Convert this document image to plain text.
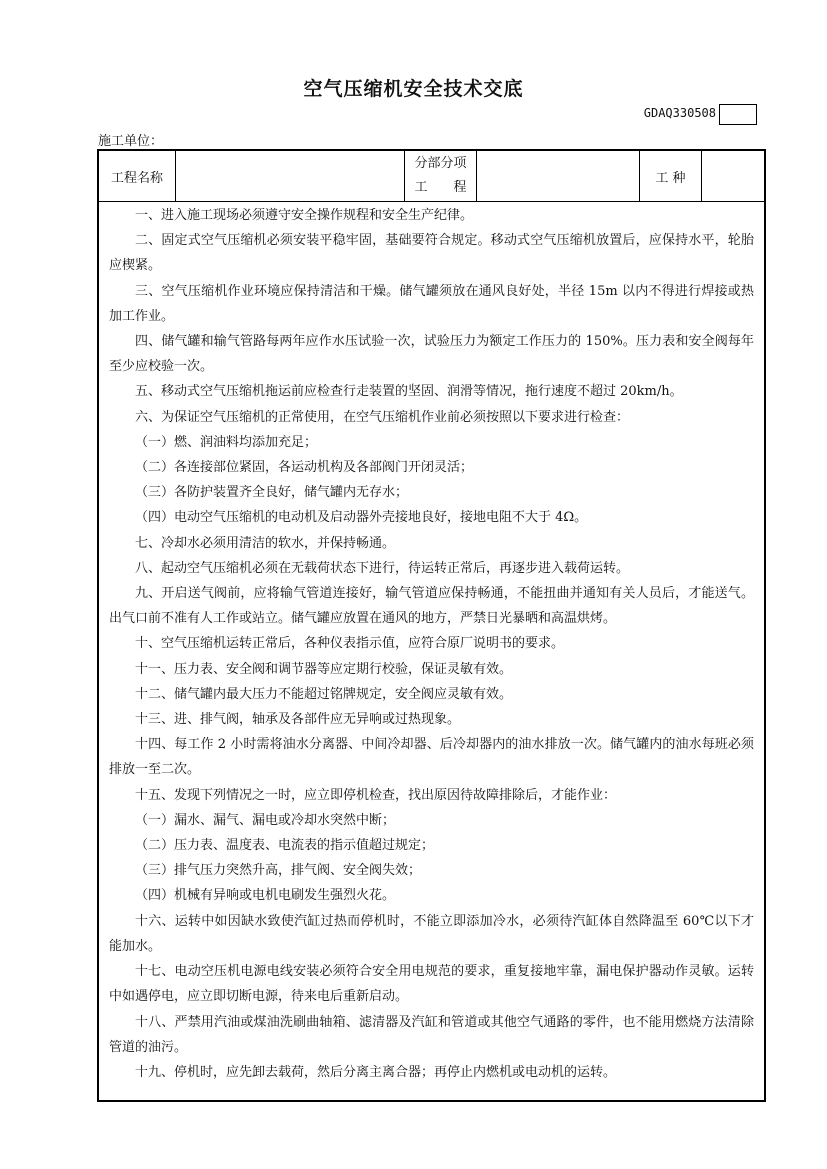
空气压缩机安全技术交底
GDAQ330508
施工单位：
工程名称
分部分项
工　　程
工 种

一、进入施工现场必须遵守安全操作规程和安全生产纪律。

二、固定式空气压缩机必须安装平稳牢固，基础要符合规定。移动式空气压缩机放置后，应保持水平，轮胎应楔紧。

三、空气压缩机作业环境应保持清洁和干燥。储气罐须放在通风良好处，半径 15m 以内不得进行焊接或热加工作业。

四、储气罐和输气管路每两年应作水压试验一次，试验压力为额定工作压力的 150%。压力表和安全阀每年至少应校验一次。

五、移动式空气压缩机拖运前应检查行走装置的坚固、润滑等情况，拖行速度不超过 20km/h。

六、为保证空气压缩机的正常使用，在空气压缩机作业前必须按照以下要求进行检查：

（一）燃、润油料均添加充足；

（二）各连接部位紧固，各运动机构及各部阀门开闭灵活；

（三）各防护装置齐全良好，储气罐内无存水；

（四）电动空气压缩机的电动机及启动器外壳接地良好，接地电阻不大于 4Ω。

七、冷却水必须用清洁的软水，并保持畅通。

八、起动空气压缩机必须在无载荷状态下进行，待运转正常后，再逐步进入载荷运转。

九、开启送气阀前，应将输气管道连接好，输气管道应保持畅通，不能扭曲并通知有关人员后，才能送气。出气口前不准有人工作或站立。储气罐应放置在通风的地方，严禁日光暴晒和高温烘烤。

十、空气压缩机运转正常后，各种仪表指示值，应符合原厂说明书的要求。

十一、压力表、安全阀和调节器等应定期行校验，保证灵敏有效。

十二、储气罐内最大压力不能超过铭牌规定，安全阀应灵敏有效。

十三、进、排气阀，轴承及各部件应无异响或过热现象。

十四、每工作 2 小时需将油水分离器、中间冷却器、后冷却器内的油水排放一次。储气罐内的油水每班必须排放一至二次。

十五、发现下列情况之一时，应立即停机检查，找出原因待故障排除后，才能作业：

（一）漏水、漏气、漏电或冷却水突然中断；

（二）压力表、温度表、电流表的指示值超过规定；

（三）排气压力突然升高，排气阀、安全阀失效；

（四）机械有异响或电机电刷发生强烈火花。

十六、运转中如因缺水致使汽缸过热而停机时，不能立即添加冷水，必须待汽缸体自然降温至 60℃以下才能加水。

十七、电动空压机电源电线安装必须符合安全用电规范的要求，重复接地牢靠，漏电保护器动作灵敏。运转中如遇停电，应立即切断电源，待来电后重新启动。

十八、严禁用汽油或煤油洗刷曲轴箱、滤清器及汽缸和管道或其他空气通路的零件，也不能用燃烧方法清除管道的油污。

十九、停机时，应先卸去载荷，然后分离主离合器；再停止内燃机或电动机的运转。
